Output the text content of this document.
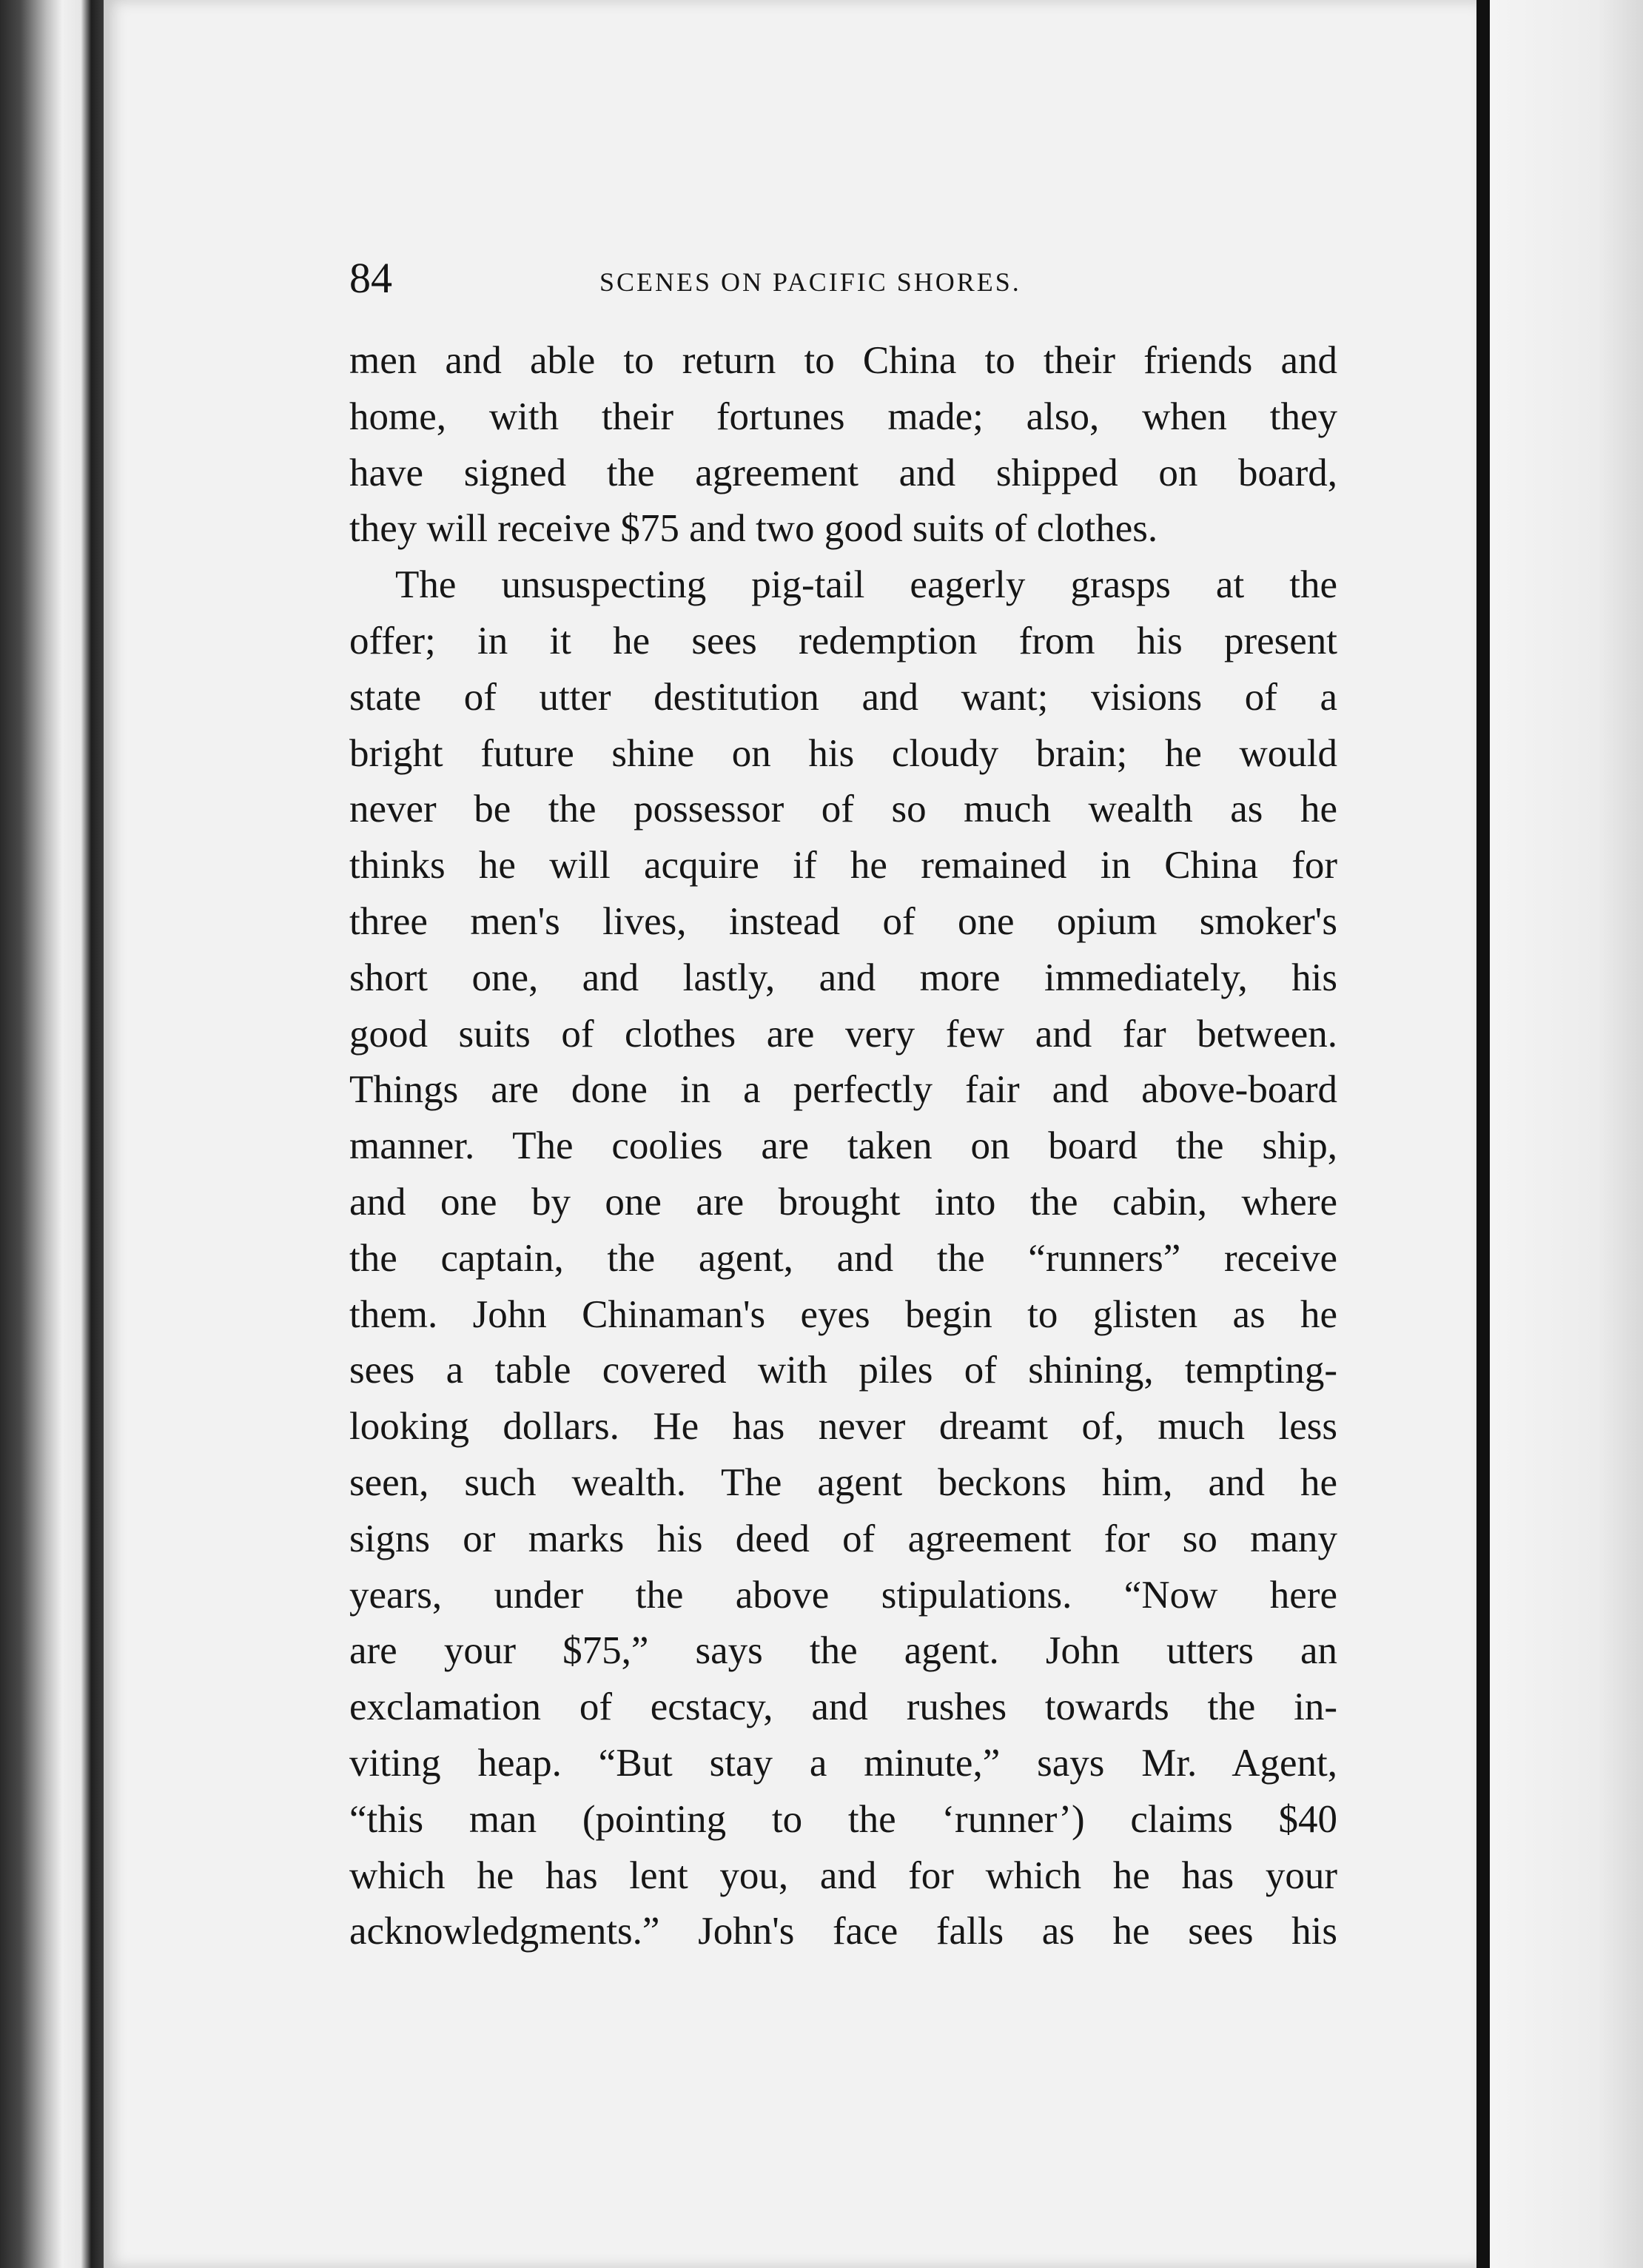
84	SCENES ON PACIFIC SHORES.
men and able to return to China to their friends and
home, with their fortunes made; also, when they
have signed the agreement and shipped on board,
they will receive $75 and two good suits of clothes.
The unsuspecting pig-tail eagerly grasps at the
offer; in it he sees redemption from his present
state of utter destitution and want; visions of a
bright future shine on his cloudy brain; he would
never be the possessor of so much wealth as he
thinks he will acquire if he remained in China for
three men's lives, instead of one opium smoker's
short one, and lastly, and more immediately, his
good suits of clothes are very few and far between.
Things are done in a perfectly fair and above-board
manner. The coolies are taken on board the ship,
and one by one are brought into the cabin, where
the captain, the agent, and the “runners” receive
them. John Chinaman's eyes begin to glisten as he
sees a table covered with piles of shining, tempting-
looking dollars. He has never dreamt of, much less
seen, such wealth. The agent beckons him, and he
signs or marks his deed of agreement for so many
years, under the above stipulations. “Now here
are your $75,” says the agent. John utters an
exclamation of ecstacy, and rushes towards the in-
viting heap. “But stay a minute,” says Mr. Agent,
“this man (pointing to the ‘runner’) claims $40
which he has lent you, and for which he has your
acknowledgments.” John's face falls as he sees his
